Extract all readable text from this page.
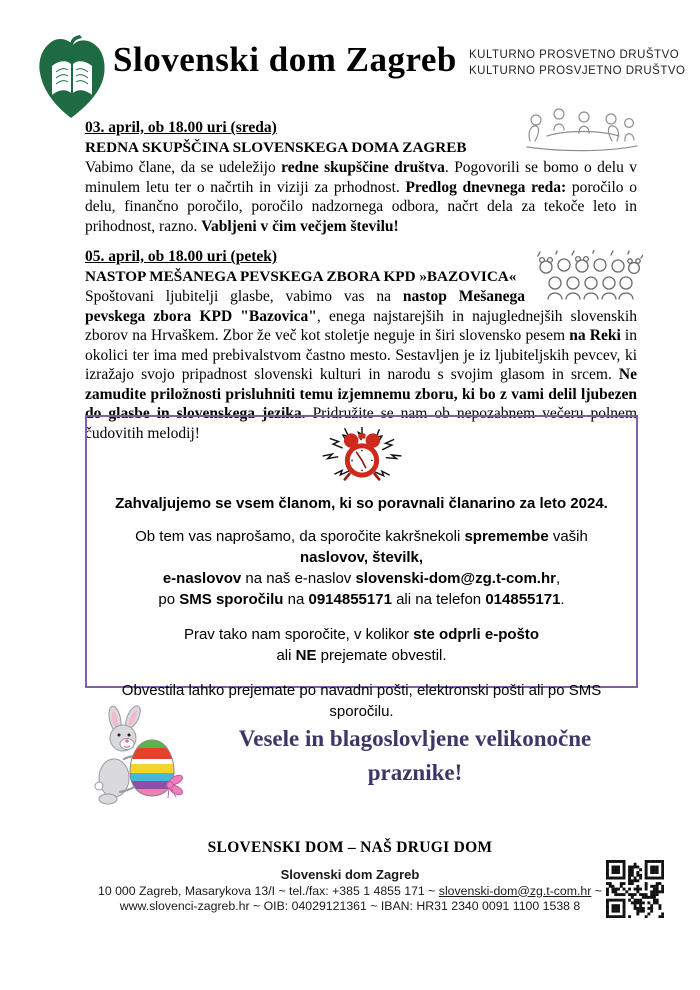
Slovenski dom Zagreb KULTURNO PROSVETNO DRUŠTVO
KULTURNO PROSVJETNO DRUŠTVO
03. april, ob 18.00 uri (sreda)
REDNA SKUPŠČINA SLOVENSKEGA DOMA ZAGREB

Vabimo člane, da se udeležijo redne skupščine društva. Pogovorili se bomo o delu v minulem letu ter o načrtih in viziji za prhodnost. Predlog dnevnega reda: poročilo o delu, finančno poročilo, poročilo nadzornega odbora, načrt dela za tekoče leto in prihodnost, razno. Vabljeni v čim večjem številu!

05. april, ob 18.00 uri (petek)
NASTOP MEŠANEGA PEVSKEGA ZBORA KPD »BAZOVICA«

Spoštovani ljubitelji glasbe, vabimo vas na nastop Mešanega pevskega zbora KPD "Bazovica", enega najstarejših in najuglednejših slovenskih zborov na Hrvaškem. Zbor že več kot stoletje neguje in širi slovensko pesem na Reki in okolici ter ima med prebivalstvom častno mesto. Sestavljen je iz ljubiteljskih pevcev, ki izražajo svojo pripadnost slovenski kulturi in narodu s svojim glasom in srcem. Ne zamudite priložnosti prisluhniti temu izjemnemu zboru, ki bo z vami delil ljubezen do glasbe in slovenskega jezika. Pridružite se nam ob nepozabnem večeru polnem čudovitih melodij!

Zahvaljujemo se vsem članom, ki so poravnali članarino za leto 2024.

Ob tem vas naprošamo, da sporočite kakršnekoli spremembe vaših naslovov, številk,
e-naslovov na naš e-naslov slovenski-dom@zg.t-com.hr,
po SMS sporočilu na 0914855171 ali na telefon 014855171.

Prav tako nam sporočite, v kolikor ste odprli e-pošto
ali NE prejemate obvestil.

Obvestila lahko prejemate po navadni pošti, elektronski pošti ali po SMS sporočilu.

Vesele in blagoslovljene velikonočne
praznike!
SLOVENSKI DOM – NAŠ DRUGI DOM
Slovenski dom Zagreb
10 000 Zagreb, Masarykova 13/I ~ tel./fax: +385 1 4855 171 ~ slovenski-dom@zg.t-com.hr ~
www.slovenci-zagreb.hr ~ OIB: 04029121361 ~ IBAN: HR31 2340 0091 1100 1538 8
